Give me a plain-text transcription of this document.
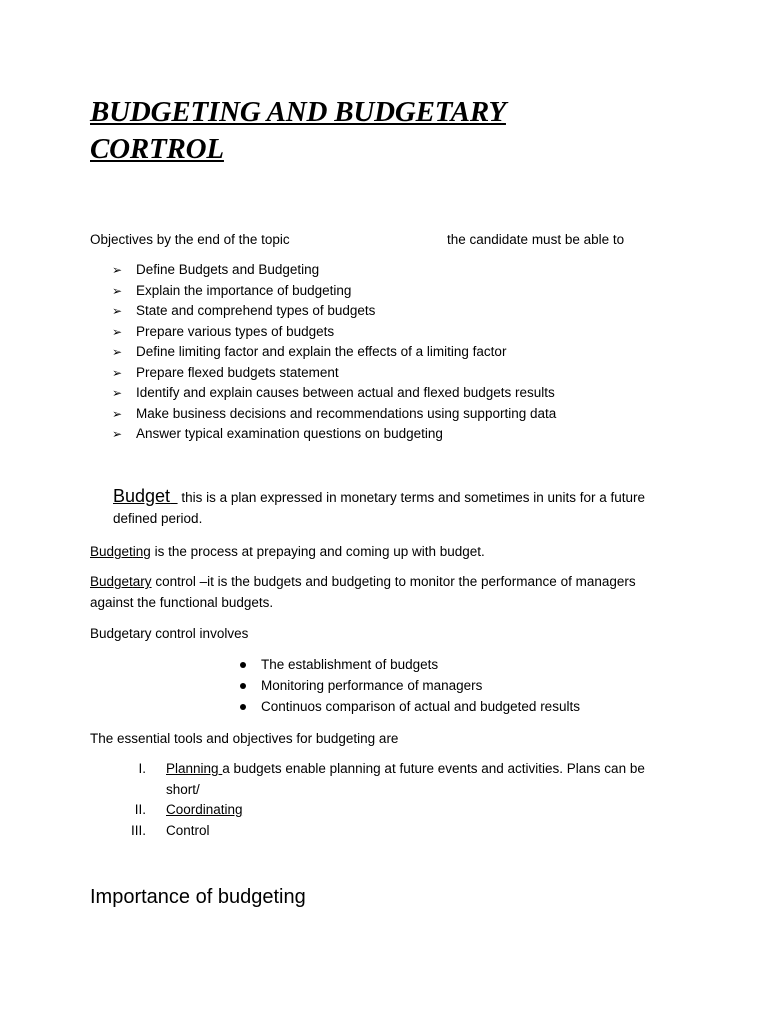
BUDGETING AND BUDGETARY
CORTROL
Objectives by the end of the topic	the candidate must be able to
➢ Define Budgets and Budgeting
➢ Explain the importance of budgeting
➢ State and comprehend types of budgets
➢ Prepare various types of budgets
➢ Define limiting factor and explain the effects of a limiting factor
➢ Prepare flexed budgets statement
➢ Identify and explain causes between actual and flexed budgets results
➢ Make business decisions and recommendations using supporting data
➢ Answer typical examination questions on budgeting

Budget   this is a plan expressed in monetary terms and sometimes in units for a future defined period.

Budgeting is the process at prepaying and coming up with budget.

Budgetary control –it is the budgets and budgeting to monitor the performance of managers against the functional budgets.

Budgetary control involves

The establishment of budgets
Monitoring performance of managers
Continuos comparison of actual and budgeted results

The essential tools and objectives for budgeting are

I. Planning a budgets enable planning at future events and activities. Plans can be short/
II. Coordinating
III. Control
Importance of budgeting
